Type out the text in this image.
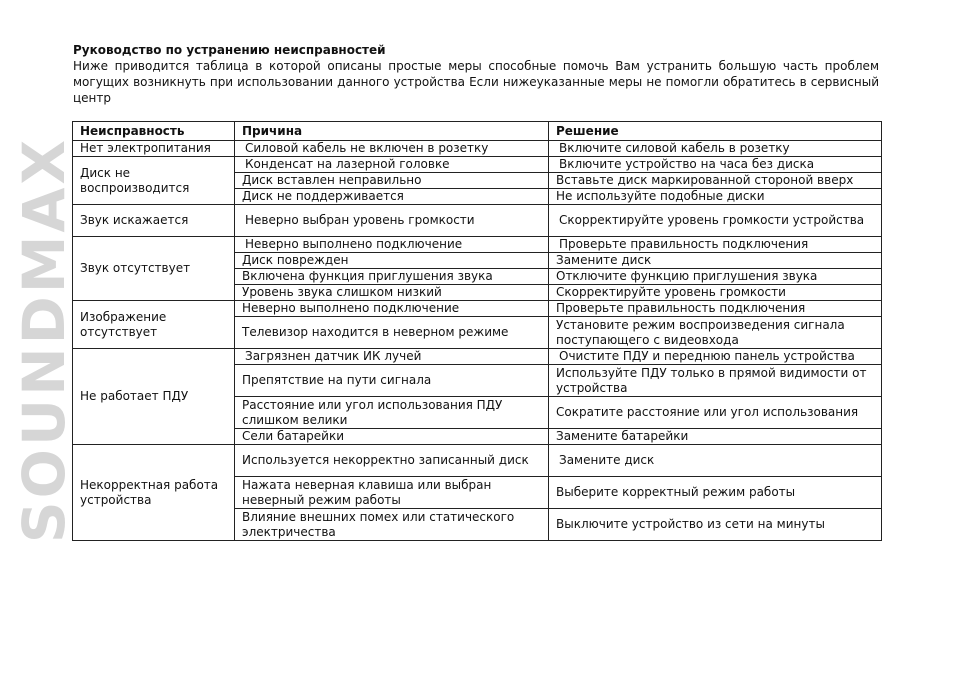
SOUNDMAX
Руководство по устранению неисправностей
Ниже приводится таблица в которой описаны простые меры способные помочь Вам устранить большую часть проблем могущих возникнуть при использовании данного устройства Если нижеуказанные меры не помогли обратитесь в сервисный центр
Неисправность	Причина	Решение
Нет электропитания	Силовой кабель не включен в розетку	Включите силовой кабель в розетку
Диск не воспроизводится	Конденсат на лазерной головке	Включите устройство на часа без диска
	Диск вставлен неправильно	Вставьте диск маркированной стороной вверх
	Диск не поддерживается	Не используйте подобные диски
Звук искажается	Неверно выбран уровень громкости	Скорректируйте уровень громкости устройства
Звук отсутствует	Неверно выполнено подключение	Проверьте правильность подключения
	Диск поврежден	Замените диск
	Включена функция приглушения звука	Отключите функцию приглушения звука
	Уровень звука слишком низкий	Скорректируйте уровень громкости
Изображение отсутствует	Неверно выполнено подключение	Проверьте правильность подключения
	Телевизор находится в неверном режиме	Установите режим воспроизведения сигнала поступающего с видеовхода
Не работает ПДУ	Загрязнен датчик ИК лучей	Очистите ПДУ и переднюю панель устройства
	Препятствие на пути сигнала	Используйте ПДУ только в прямой видимости от устройства
	Расстояние или угол использования ПДУ слишком велики	Сократите расстояние или угол использования
	Сели батарейки	Замените батарейки
Некорректная работа устройства	Используется некорректно записанный диск	Замените диск
	Нажата неверная клавиша или выбран неверный режим работы	Выберите корректный режим работы
	Влияние внешних помех или статического электричества	Выключите устройство из сети на минуты
